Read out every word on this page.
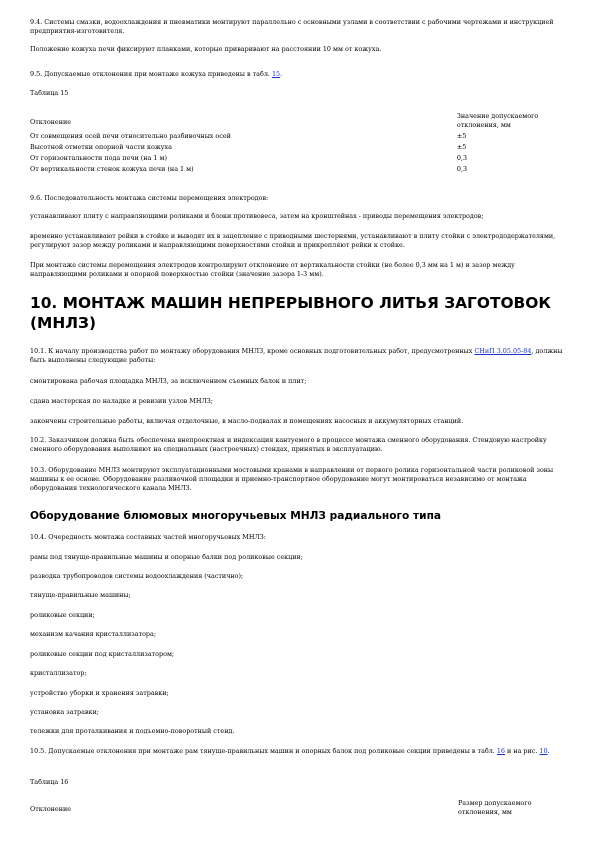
9.4. Системы смазки, водоохлаждения и пневматики монтируют параллельно с основными узлами в соответствии с рабочими чертежами и инструкцией предприятия-изготовителя.

Положение кожуха печи фиксируют планками, которые приваривают на расстоянии 10 мм от кожуха.

9.5. Допускаемые отклонения при монтаже кожуха приведены в табл. 15.

Таблица 15

Отклонение	Значение допускаемого отклонения, мм
От совмещения осей печи относительно разбивочных осей	±5
Высотной отметки опорной части кожуха	±5
От горизонтальности пода печи (на 1 м)	0,3
От вертикальности стенок кожуха печи (на 1 м)	0,3

9.6. Последовательность монтажа системы перемещения электродов:

устанавливают плиту с направляющими роликами и блоки противовеса, затем на кронштейнах - приводы перемещения электродов;

временно устанавливают рейки в стойке и выводят их в зацепление с приводными шестернями, устанавливают в плиту стойки с электрододержателями, регулируют зазор между роликами и направляющими поверхностями стойки и прикрепляют рейки к стойке.

При монтаже системы перемещения электродов контролируют отклонение от вертикальности стойки (не более 0,3 мм на 1 м) и зазор между направляющими роликами и опорной поверхностью стойки (значение зазора 1-3 мм).

10. МОНТАЖ МАШИН НЕПРЕРЫВНОГО ЛИТЬЯ ЗАГОТОВОК (МНЛЗ)

10.1. К началу производства работ по монтажу оборудования МНЛЗ, кроме основных подготовительных работ, предусмотренных СНиП 3.05.05-84, должны быть выполнены следующие работы:

смонтирована рабочая площадка МНЛЗ, за исключением съемных балок и плит;

сдана мастерская по наладке и ревизии узлов МНЛЗ;

закончены строительные работы, включая отделочные, в масло-подвалах и помещениях насосных и аккумуляторных станций.

10.2. Заказчиком должна быть обеспечена внепроектная и индексация кантуемого в процессе монтажа сменного оборудования. Стендовую настройку сменного оборудования выполняют на специальных (настроечных) стендах, принятых в эксплуатацию.

10.3. Оборудование МНЛЗ монтируют эксплуатационными мостовыми кранами в направлении от первого ролика горизонтальной части роликовой зоны машины к ее основе. Оборудование разливочной площадки и приемно-транспортное оборудование могут монтироваться независимо от монтажа оборудования технологического канала МНЛЗ.

Оборудование блюмовых многоручьевых МНЛЗ радиального типа

10.4. Очередность монтажа составных частей многоручьевых МНЛЗ:

рамы под тянуще-правильные машины и опорные балки под роликовые секции;

разводка трубопроводов системы водоохлаждения (частично);

тянуще-правильные машины;

роликовые секции;

механизм качания кристаллизатора;

роликовые секции под кристаллизатором;

кристаллизатор;

устройство уборки и хранения затравки;

установка затравки;

тележки для проталкивания и подъемно-поворотный стенд.

10.5. Допускаемые отклонения при монтаже рам тянуще-правильных машин и опорных балок под роликовые секции приведены в табл. 16 и на рис. 10.

Таблица 16

Отклонение	Размер допускаемого отклонения, мм
